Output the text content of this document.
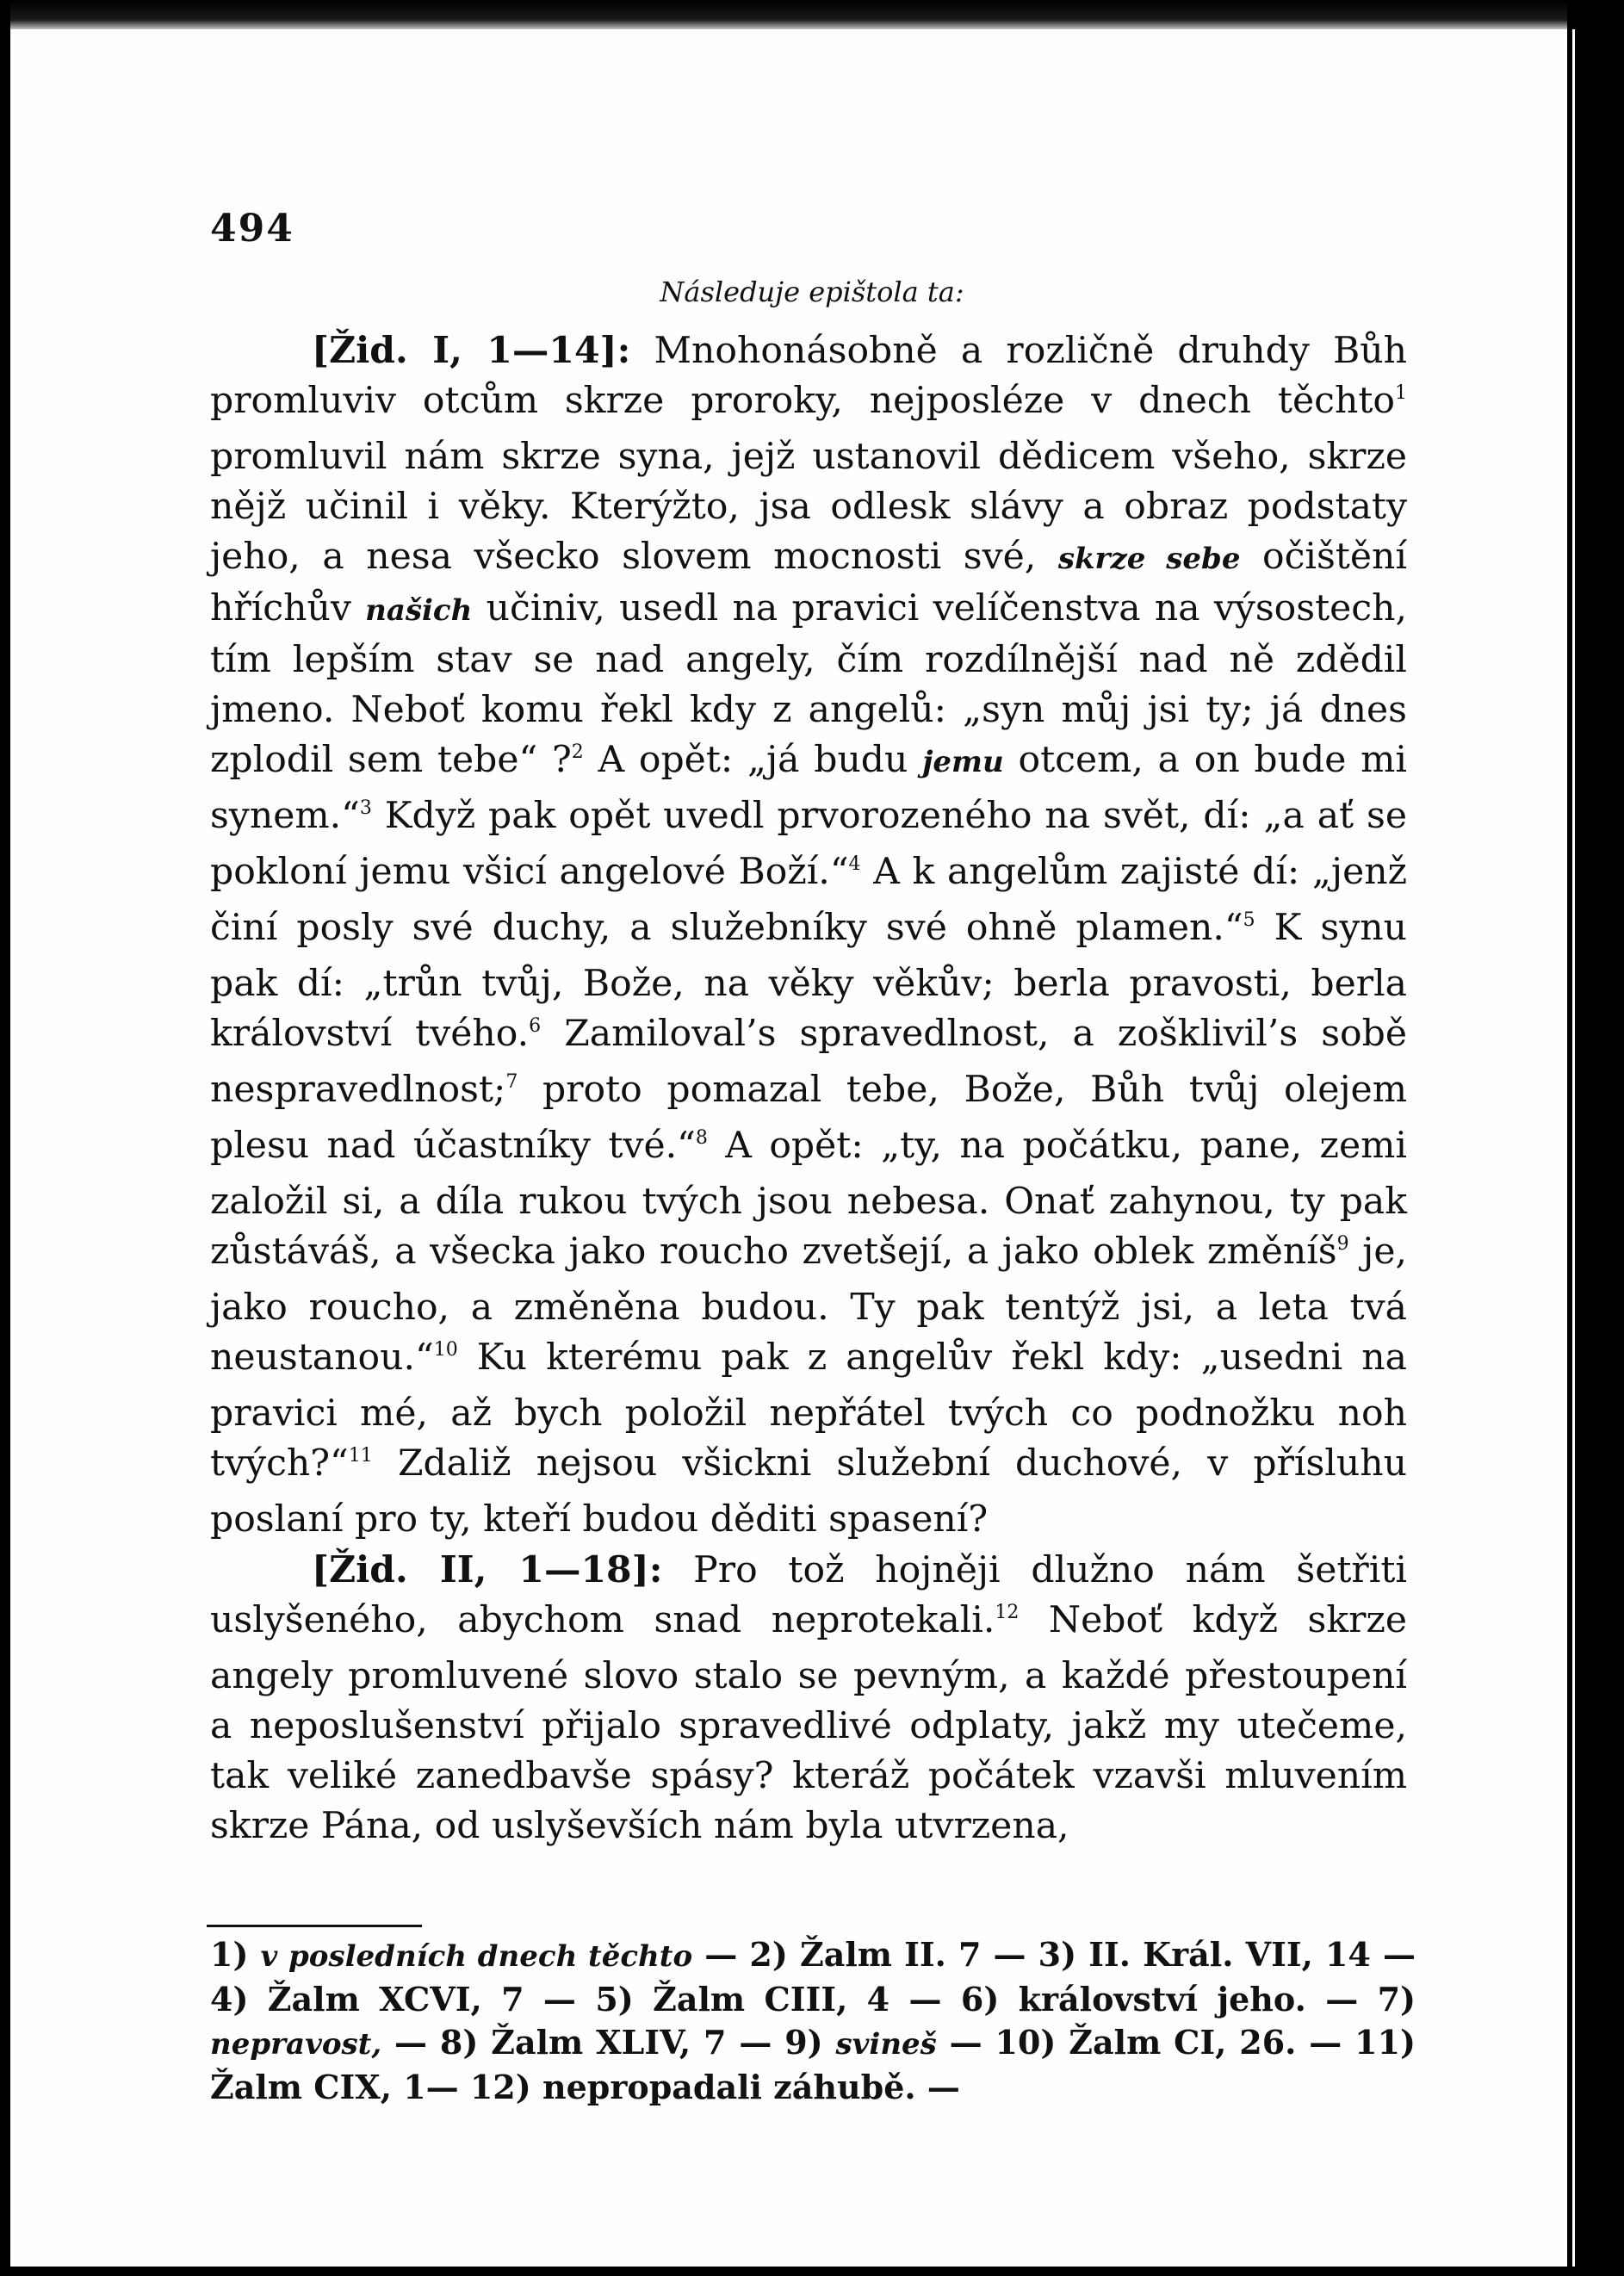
494
Následuje epištola ta:

[Žid. I, 1—14]: Mnohonásobně a rozličně druhdy Bůh promluviv otcům skrze proroky, nejposléze v dnech těchto$^1$ promluvil nám skrze syna, jejž ustanovil dědicem všeho, skrze nějž učinil i věky. Kterýžto, jsa odlesk slávy a obraz podstaty jeho, a nesa všecko slovem mocnosti své, skrze sebe očištění hříchův našich učiniv, usedl na pravici velíčenstva na výsostech, tím lepším stav se nad angely, čím rozdílnější nad ně zdědil jmeno. Neboť komu řekl kdy z angelů: „syn můj jsi ty; já dnes zplodil sem tebe“ ?$^2$ A opět: „já budu jemu otcem, a on bude mi synem.“$^3$ Když pak opět uvedl prvorozeného na svět, dí: „a ať se pokloní jemu všicí angelové Boží.“$^4$ A k angelům zajisté dí: „jenž činí posly své duchy, a služebníky své ohně plamen.“$^5$ K synu pak dí: „trůn tvůj, Bože, na věky věkův; berla pravosti, berla království tvého.$^6$ Zamiloval’s spravedlnost, a zošklivil’s sobě nespravedlnost;$^7$ proto pomazal tebe, Bože, Bůh tvůj olejem plesu nad účastníky tvé.“$^8$ A opět: „ty, na počátku, pane, zemi založil si, a díla rukou tvých jsou nebesa. Onať zahynou, ty pak zůstáváš, a všecka jako roucho zvetšejí, a jako oblek změníš$^9$ je, jako roucho, a změněna budou. Ty pak tentýž jsi, a leta tvá neustanou.“$^{10}$ Ku kterému pak z angelův řekl kdy: „usedni na pravici mé, až bych položil nepřátel tvých co podnožku noh tvých?“$^{11}$ Zdaliž nejsou všickni služební duchové, v přísluhu poslaní pro ty, kteří budou děditi spasení?

[Žid. II, 1—18]: Pro tož hojněji dlužno nám šetřiti uslyšeného, abychom snad neprotekali.$^{12}$ Neboť když skrze angely promluvené slovo stalo se pevným, a každé přestoupení a neposlušenství přijalo spravedlivé odplaty, jakž my utečeme, tak veliké zanedbavše spásy? kteráž počátek vzavši mluvením skrze Pána, od uslyševších nám byla utvrzena,

1) v posledních dnech těchto — 2) Žalm II. 7 — 3) II. Král. VII, 14 — 4) Žalm XCVI, 7 — 5) Žalm CIII, 4 — 6) království jeho. — 7) nepravost, — 8) Žalm XLIV, 7 — 9) svineš — 10) Žalm CI, 26. — 11) Žalm CIX, 1— 12) nepropadali záhubě. —
